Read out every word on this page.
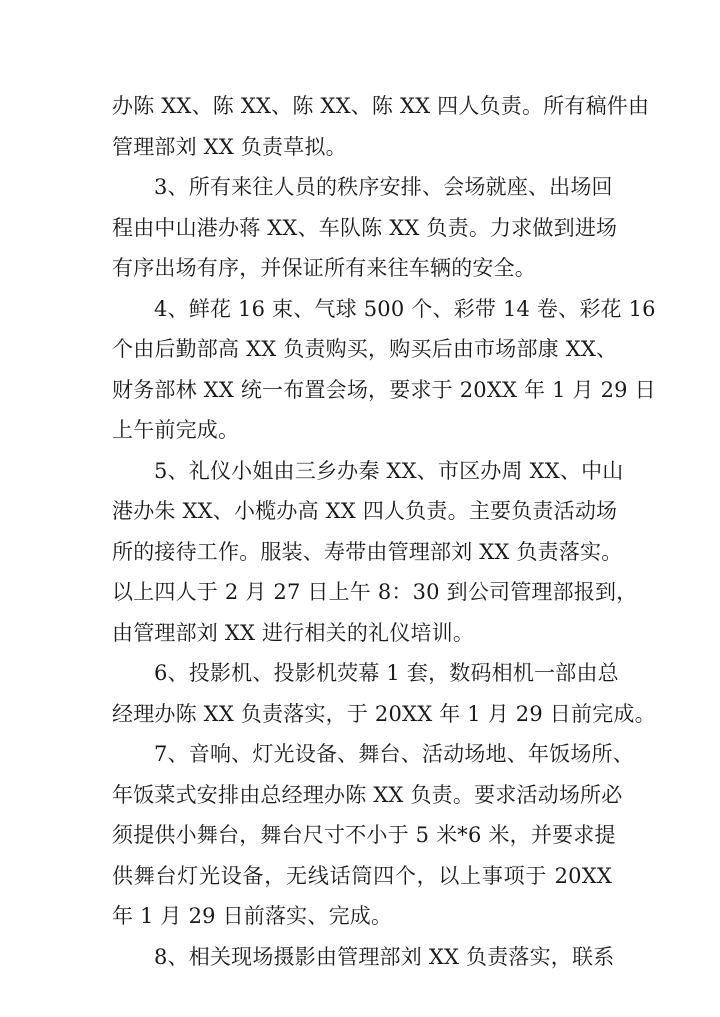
办陈 XX、陈 XX、陈 XX、陈 XX 四人负责。所有稿件由
管理部刘 XX 负责草拟。
3、所有来往人员的秩序安排、会场就座、出场回
程由中山港办蒋 XX、车队陈 XX 负责。力求做到进场
有序出场有序，并保证所有来往车辆的安全。
4、鲜花 16 束、气球 500 个、彩带 14 卷、彩花 16
个由后勤部高 XX 负责购买，购买后由市场部康 XX、
财务部林 XX 统一布置会场，要求于 20XX 年 1 月 29 日
上午前完成。
5、礼仪小姐由三乡办秦 XX、市区办周 XX、中山
港办朱 XX、小榄办高 XX 四人负责。主要负责活动场
所的接待工作。服装、寿带由管理部刘 XX 负责落实。
以上四人于 2 月 27 日上午 8：30 到公司管理部报到，
由管理部刘 XX 进行相关的礼仪培训。
6、投影机、投影机荧幕 1 套，数码相机一部由总
经理办陈 XX 负责落实，于 20XX 年 1 月 29 日前完成。
7、音响、灯光设备、舞台、活动场地、年饭场所、
年饭菜式安排由总经理办陈 XX 负责。要求活动场所必
须提供小舞台，舞台尺寸不小于 5 米*6 米，并要求提
供舞台灯光设备，无线话筒四个，以上事项于 20XX
年 1 月 29 日前落实、完成。
8、相关现场摄影由管理部刘 XX 负责落实，联系
